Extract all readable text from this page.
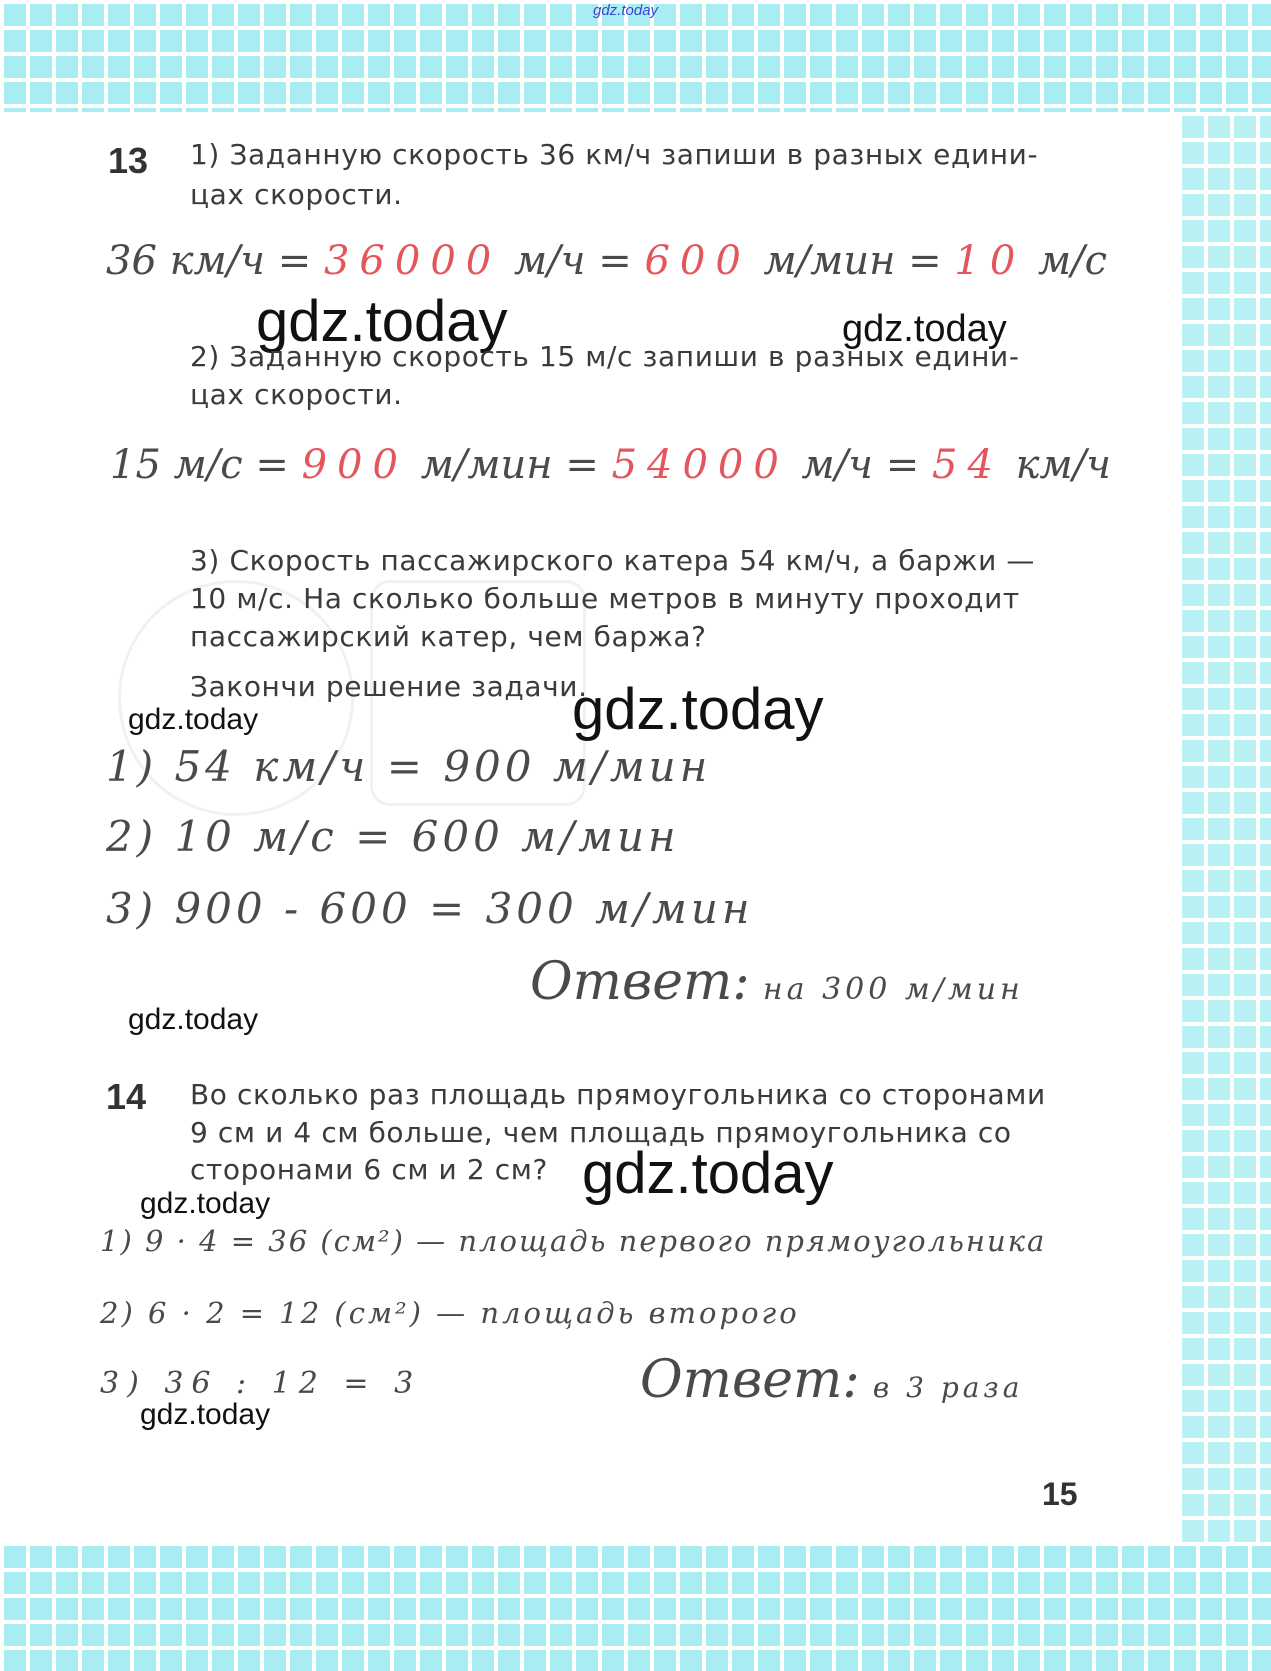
gdz.today
13 1) Заданную скорость 36 км/ч запиши в разных едини-
цах скорости.
36 км/ч = 36000 м/ч = 600 м/мин = 10 м/с
gdz.today	gdz.today
2) Заданную скорость 15 м/с запиши в разных едини-
цах скорости.
15 м/с = 900 м/мин = 54000 м/ч = 54 км/ч
3) Скорость пассажирского катера 54 км/ч, а баржи —
10 м/с. На сколько больше метров в минуту проходит
пассажирский катер, чем баржа?
Закончи решение задачи.
gdz.today
gdz.today
1) 54 км/ч = 900 м/мин
2) 10 м/с = 600 м/мин
3) 900 - 600 = 300 м/мин
Ответ: на 300 м/мин
gdz.today
14 Во сколько раз площадь прямоугольника со сторонами
9 см и 4 см больше, чем площадь прямоугольника со
сторонами 6 см и 2 см? gdz.today
gdz.today
1) 9 · 4 = 36 (см²) — площадь первого прямоугольника
2) 6 · 2 = 12 (см²) — площадь второго
3) 36 : 12 = 3	Ответ: в 3 раза
gdz.today
15
